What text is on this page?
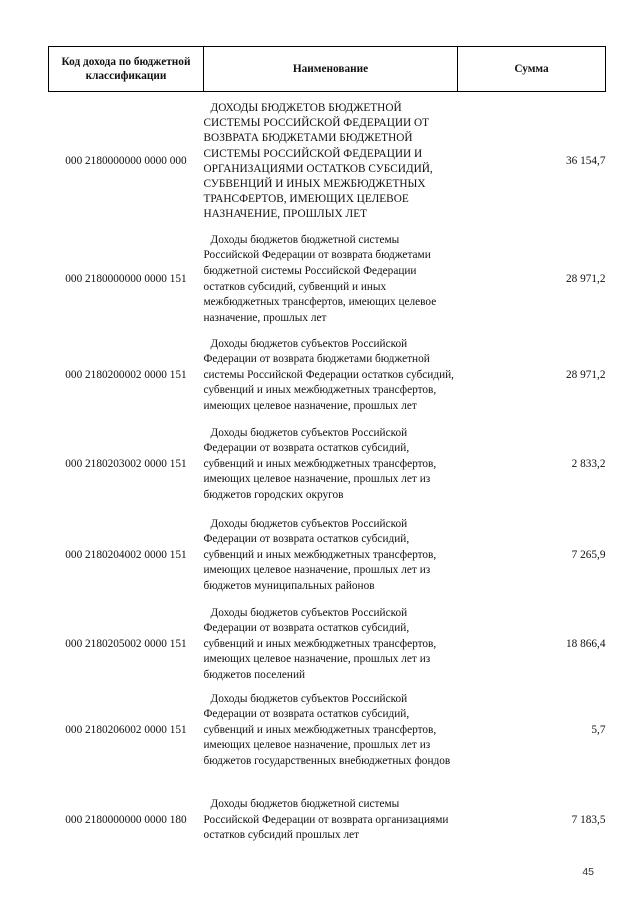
Код дохода по бюджетной классификации	Наименование	Сумма
000 2180000000 0000 000	ДОХОДЫ БЮДЖЕТОВ БЮДЖЕТНОЙ СИСТЕМЫ РОССИЙСКОЙ ФЕДЕРАЦИИ ОТ ВОЗВРАТА БЮДЖЕТАМИ БЮДЖЕТНОЙ СИСТЕМЫ РОССИЙСКОЙ ФЕДЕРАЦИИ И ОРГАНИЗАЦИЯМИ ОСТАТКОВ СУБСИДИЙ, СУБВЕНЦИЙ И ИНЫХ МЕЖБЮДЖЕТНЫХ ТРАНСФЕРТОВ, ИМЕЮЩИХ ЦЕЛЕВОЕ НАЗНАЧЕНИЕ, ПРОШЛЫХ ЛЕТ	36 154,7
000 2180000000 0000 151	Доходы бюджетов бюджетной системы Российской Федерации от возврата бюджетами бюджетной системы Российской Федерации остатков субсидий, субвенций и иных межбюджетных трансфертов, имеющих целевое назначение, прошлых лет	28 971,2
000 2180200002 0000 151	Доходы бюджетов субъектов Российской Федерации от возврата бюджетами бюджетной системы Российской Федерации остатков субсидий, субвенций и иных межбюджетных трансфертов, имеющих целевое назначение, прошлых лет	28 971,2
000 2180203002 0000 151	Доходы бюджетов субъектов Российской Федерации от возврата остатков субсидий, субвенций и иных межбюджетных трансфертов, имеющих целевое назначение, прошлых лет из бюджетов городских округов	2 833,2
000 2180204002 0000 151	Доходы бюджетов субъектов Российской Федерации от возврата остатков субсидий, субвенций и иных межбюджетных трансфертов, имеющих целевое назначение, прошлых лет из бюджетов муниципальных районов	7 265,9
000 2180205002 0000 151	Доходы бюджетов субъектов Российской Федерации от возврата остатков субсидий, субвенций и иных межбюджетных трансфертов, имеющих целевое назначение, прошлых лет из бюджетов поселений	18 866,4
000 2180206002 0000 151	Доходы бюджетов субъектов Российской Федерации от возврата остатков субсидий, субвенций и иных межбюджетных трансфертов, имеющих целевое назначение, прошлых лет из бюджетов государственных внебюджетных фондов	5,7
000 2180000000 0000 180	Доходы бюджетов бюджетной системы Российской Федерации от возврата организациями остатков субсидий прошлых лет	7 183,5
45
